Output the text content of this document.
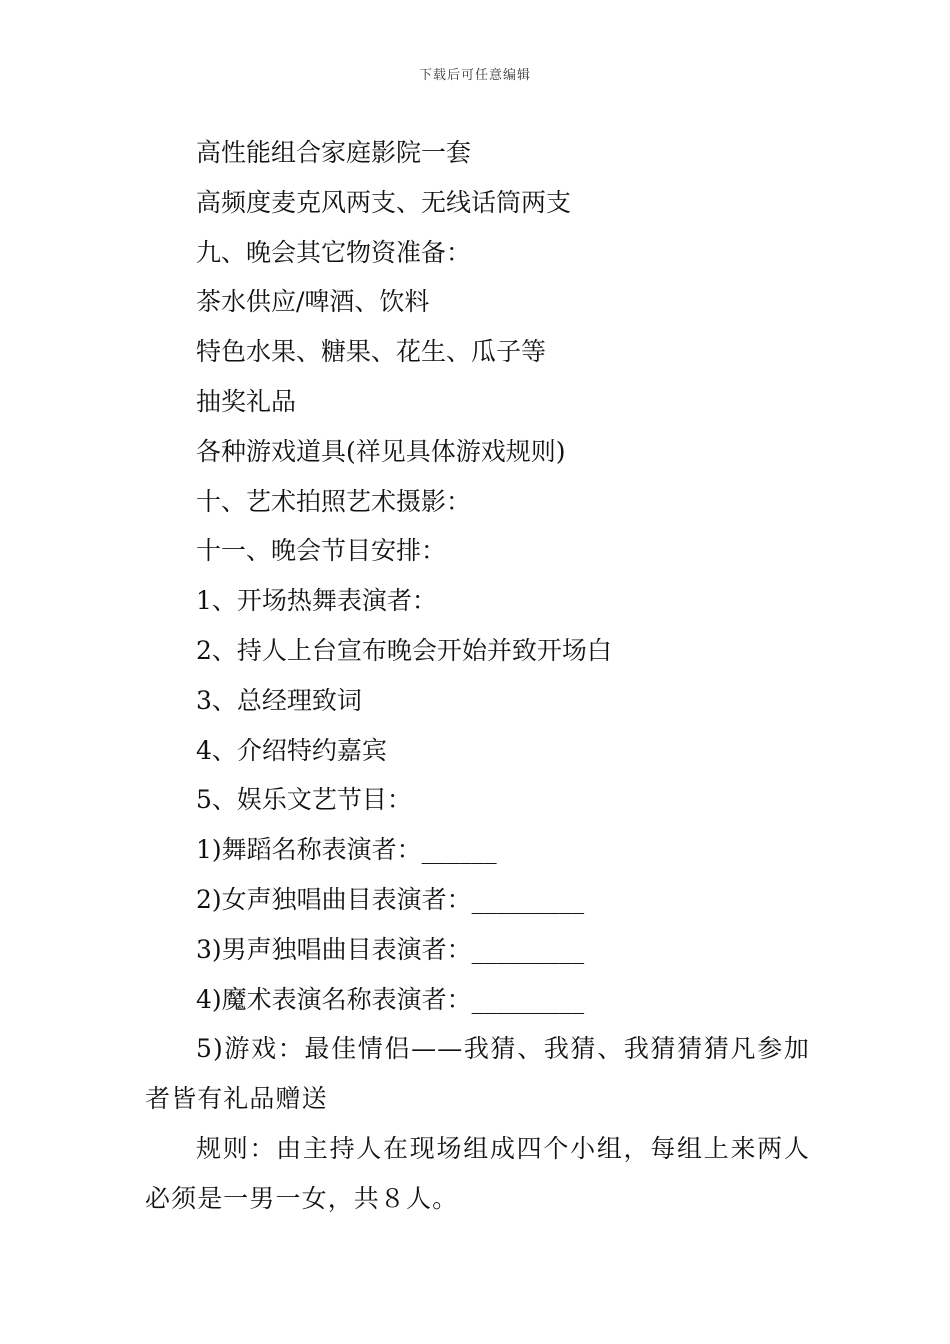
下载后可任意编辑
高性能组合家庭影院一套
高频度麦克风两支、无线话筒两支
九、晚会其它物资准备：
茶水供应/啤酒、饮料
特色水果、糖果、花生、瓜子等
抽奖礼品
各种游戏道具(祥见具体游戏规则)
十、艺术拍照艺术摄影：
十一、晚会节目安排：
1、开场热舞表演者：
2、持人上台宣布晚会开始并致开场白
3、总经理致词
4、介绍特约嘉宾
5、娱乐文艺节目：
1)舞蹈名称表演者：______
2)女声独唱曲目表演者：_________
3)男声独唱曲目表演者：_________
4)魔术表演名称表演者：_________
5)游戏：最佳情侣——我猜、我猜、我猜猜猜凡参加者皆有礼品赠送
规则：由主持人在现场组成四个小组，每组上来两人必须是一男一女，共８人。
